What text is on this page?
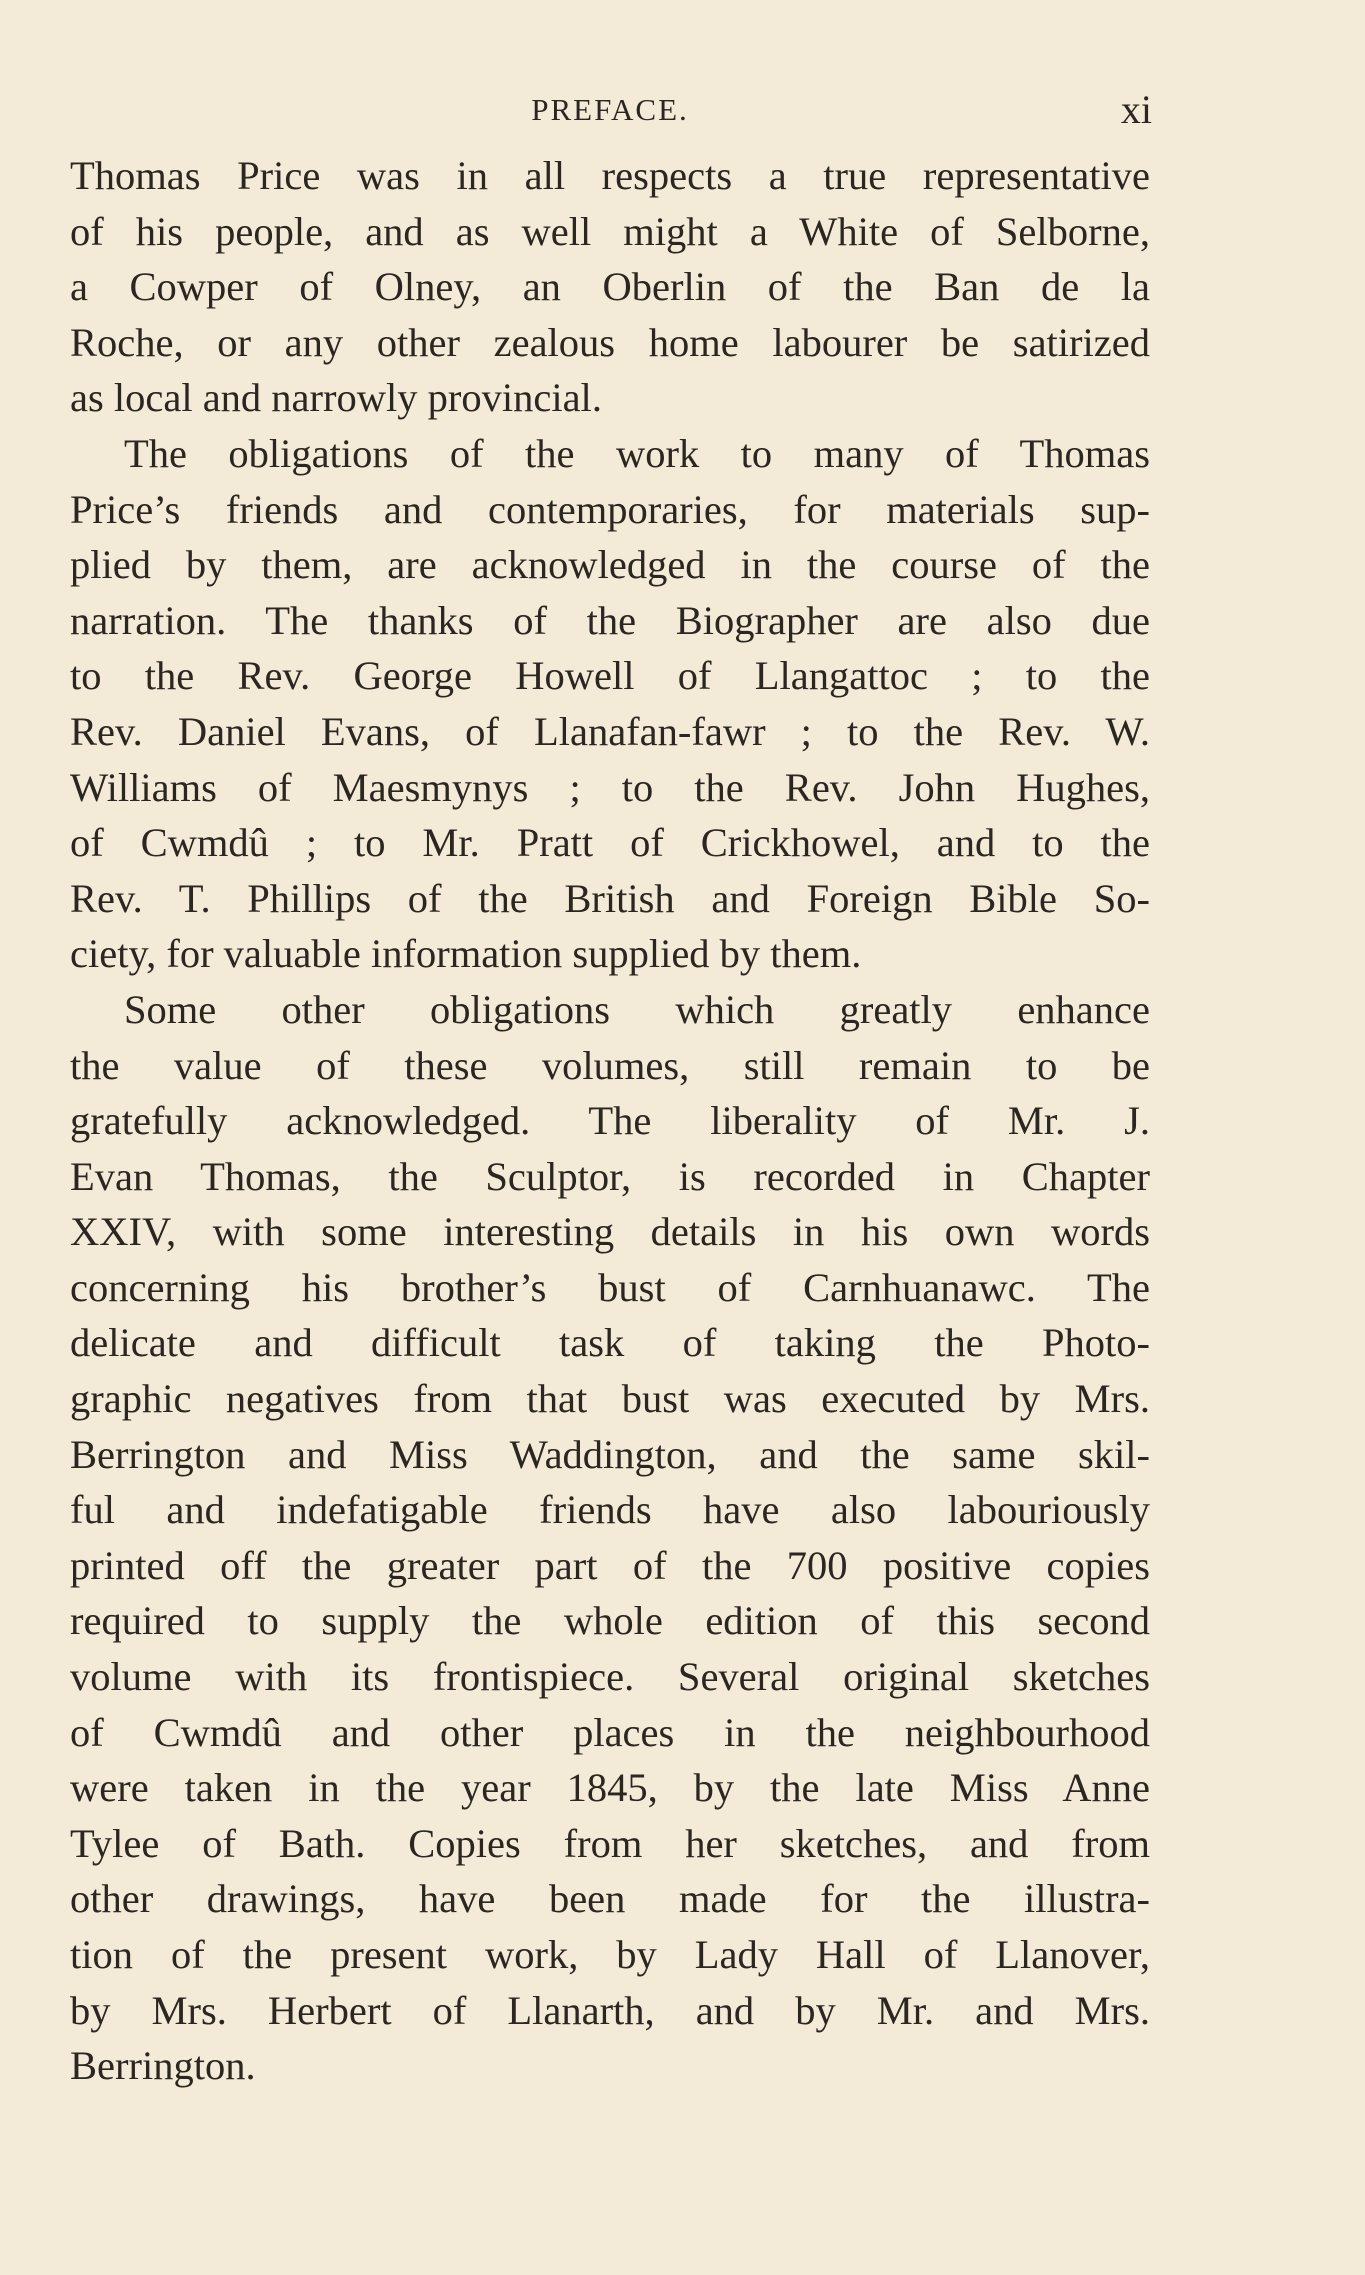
PREFACE.	xi
Thomas Price was in all respects a true representative
of his people, and as well might a White of Selborne,
a Cowper of Olney, an Oberlin of the Ban de la
Roche, or any other zealous home labourer be satirized
as local and narrowly provincial.
The obligations of the work to many of Thomas
Price’s friends and contemporaries, for materials sup-
plied by them, are acknowledged in the course of the
narration. The thanks of the Biographer are also due
to the Rev. George Howell of Llangattoc ; to the
Rev. Daniel Evans, of Llanafan-fawr ; to the Rev. W.
Williams of Maesmynys ; to the Rev. John Hughes,
of Cwmdû ; to Mr. Pratt of Crickhowel, and to the
Rev. T. Phillips of the British and Foreign Bible So-
ciety, for valuable information supplied by them.
Some other obligations which greatly enhance
the value of these volumes, still remain to be
gratefully acknowledged. The liberality of Mr. J.
Evan Thomas, the Sculptor, is recorded in Chapter
XXIV, with some interesting details in his own words
concerning his brother’s bust of Carnhuanawc. The
delicate and difficult task of taking the Photo-
graphic negatives from that bust was executed by Mrs.
Berrington and Miss Waddington, and the same skil-
ful and indefatigable friends have also labouriously
printed off the greater part of the 700 positive copies
required to supply the whole edition of this second
volume with its frontispiece. Several original sketches
of Cwmdû and other places in the neighbourhood
were taken in the year 1845, by the late Miss Anne
Tylee of Bath. Copies from her sketches, and from
other drawings, have been made for the illustra-
tion of the present work, by Lady Hall of Llanover,
by Mrs. Herbert of Llanarth, and by Mr. and Mrs.
Berrington.
